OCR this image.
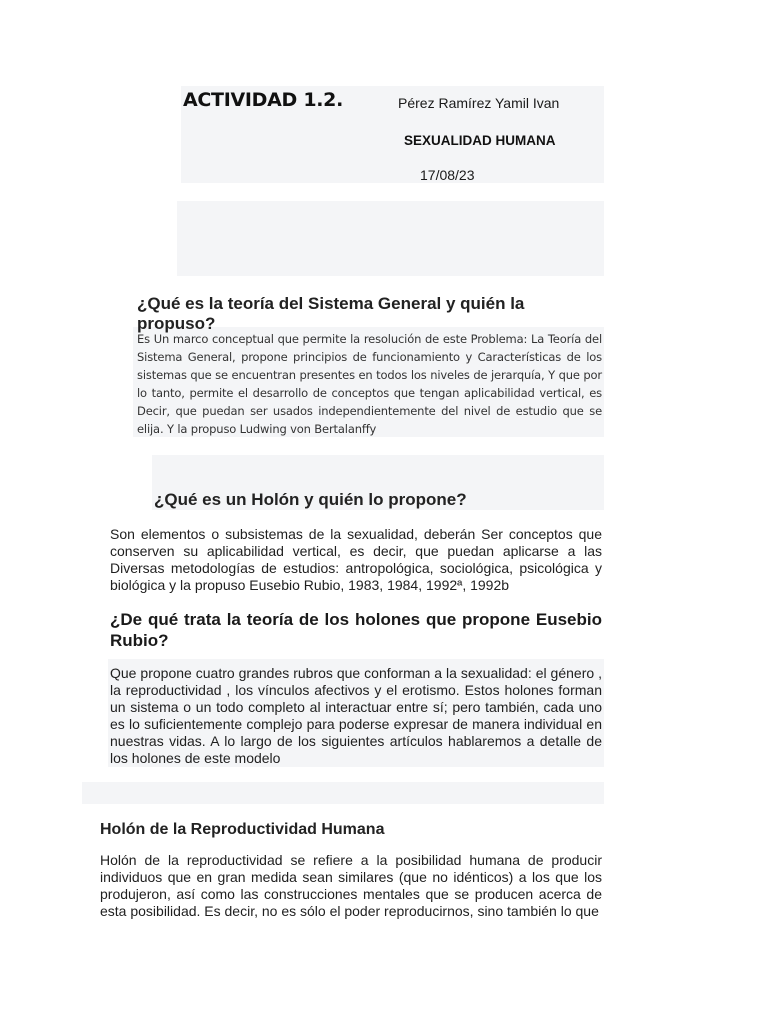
ACTIVIDAD 1.2.	Pérez Ramírez Yamil Ivan
SEXUALIDAD HUMANA
17/08/23
¿Qué es la teoría del Sistema General y quién la propuso?
Es Un marco conceptual que permite la resolución de este Problema: La Teoría del Sistema General, propone principios de funcionamiento y Características de los sistemas que se encuentran presentes en todos los niveles de jerarquía, Y que por lo tanto, permite el desarrollo de conceptos que tengan aplicabilidad vertical, es Decir, que puedan ser usados independientemente del nivel de estudio que se elija. Y la propuso Ludwing von Bertalanffy
¿Qué es un Holón y quién lo propone?
Son elementos o subsistemas de la sexualidad, deberán Ser conceptos que conserven su aplicabilidad vertical, es decir, que puedan aplicarse a las Diversas metodologías de estudios: antropológica, sociológica, psicológica y biológica y la propuso Eusebio Rubio, 1983, 1984, 1992ª, 1992b
¿De qué trata la teoría de los holones que propone Eusebio Rubio?
Que propone cuatro grandes rubros que conforman a la sexualidad: el género , la reproductividad , los vínculos afectivos y el erotismo. Estos holones forman un sistema o un todo completo al interactuar entre sí; pero también, cada uno es lo suficientemente complejo para poderse expresar de manera individual en nuestras vidas. A lo largo de los siguientes artículos hablaremos a detalle de los holones de este modelo
Holón de la Reproductividad Humana
Holón de la reproductividad se refiere a la posibilidad humana de producir individuos que en gran medida sean similares (que no idénticos) a los que los produjeron, así como las construcciones mentales que se producen acerca de esta posibilidad. Es decir, no es sólo el poder reproducirnos, sino también lo que
